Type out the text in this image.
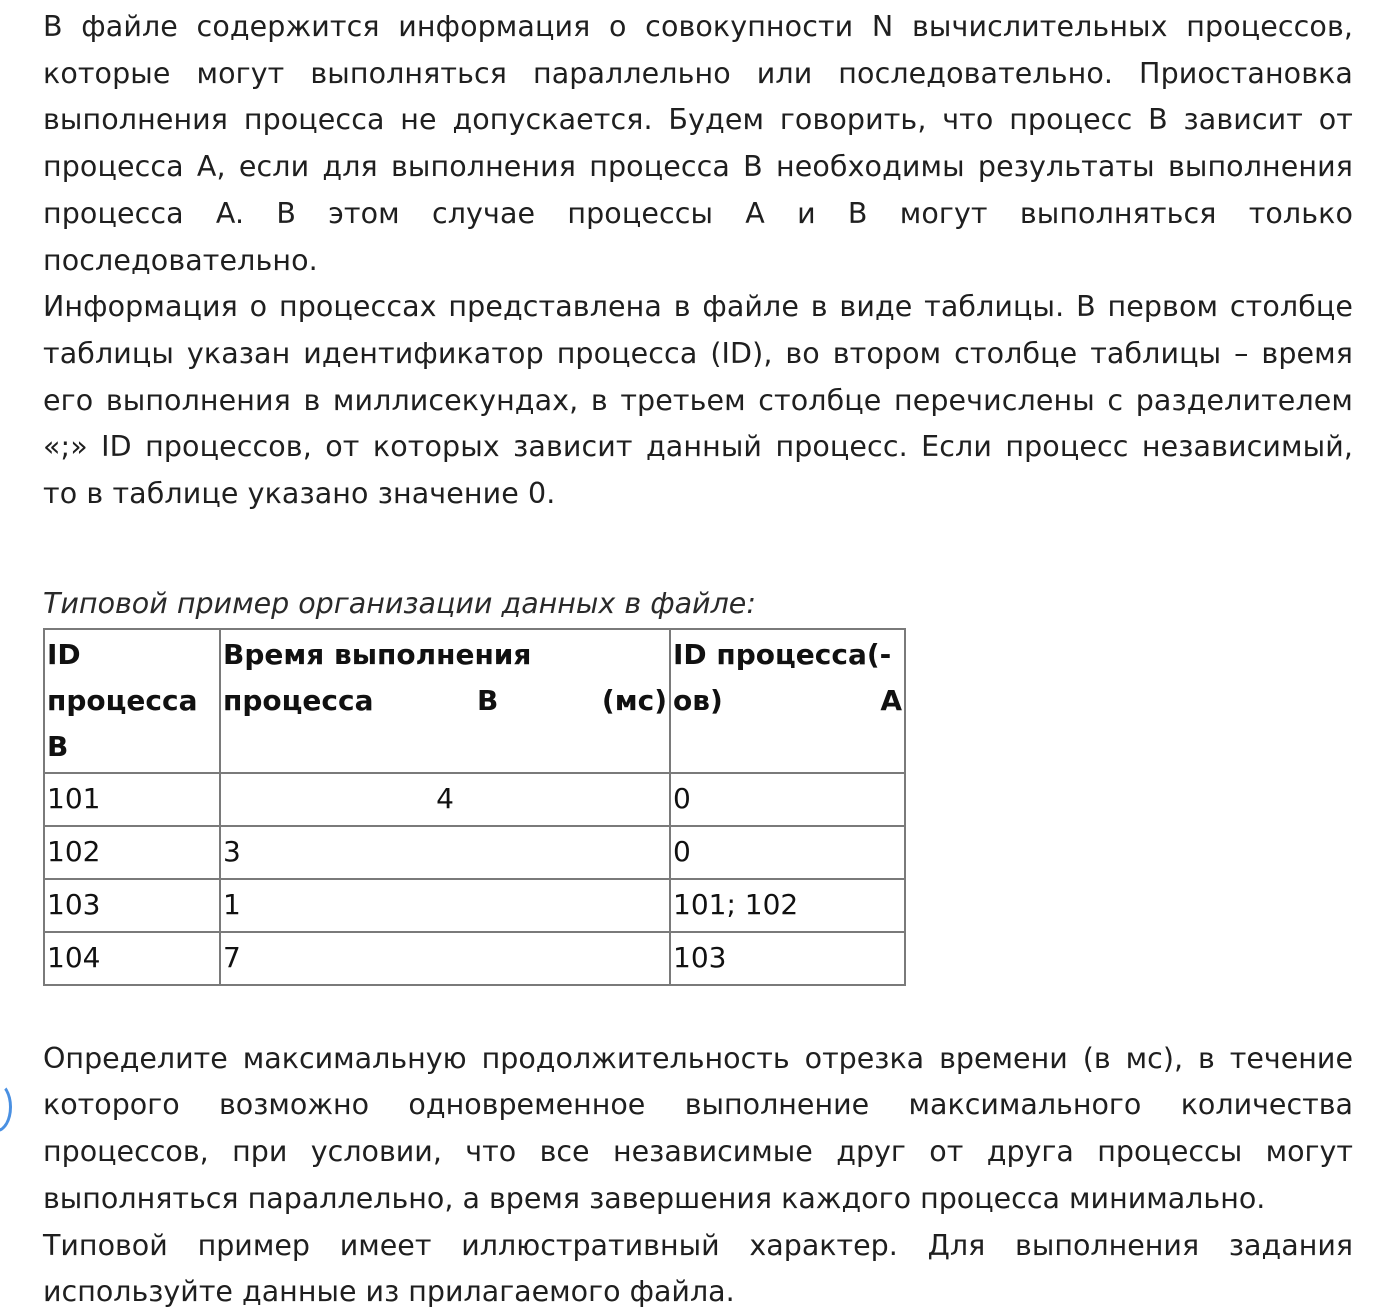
В файле содержится информация о совокупности N вычислительных процессов, которые могут выполняться параллельно или последовательно. Приостановка выполнения процесса не допускается. Будем говорить, что процесс B зависит от процесса A, если для выполнения процесса B необходимы результаты выполнения процесса A. В этом случае процессы A и B могут выполняться только последовательно.

Информация о процессах представлена в файле в виде таблицы. В первом столбце таблицы указан идентификатор процесса (ID), во втором столбце таблицы – время его выполнения в миллисекундах, в третьем столбце перечислены с разделителем «;» ID процессов, от которых зависит данный процесс. Если процесс независимый, то в таблице указано значение 0.

Типовой пример организации данных в файле:

ID процесса B	Время выполнения процесса B (мс)	ID процесса(-ов) A
101	4	0
102	3	0
103	1	101; 102
104	7	103

Определите максимальную продолжительность отрезка времени (в мс), в течение которого возможно одновременное выполнение максимального количества процессов, при условии, что все независимые друг от друга процессы могут выполняться параллельно, а время завершения каждого процесса минимально.

Типовой пример имеет иллюстративный характер. Для выполнения задания используйте данные из прилагаемого файла.
